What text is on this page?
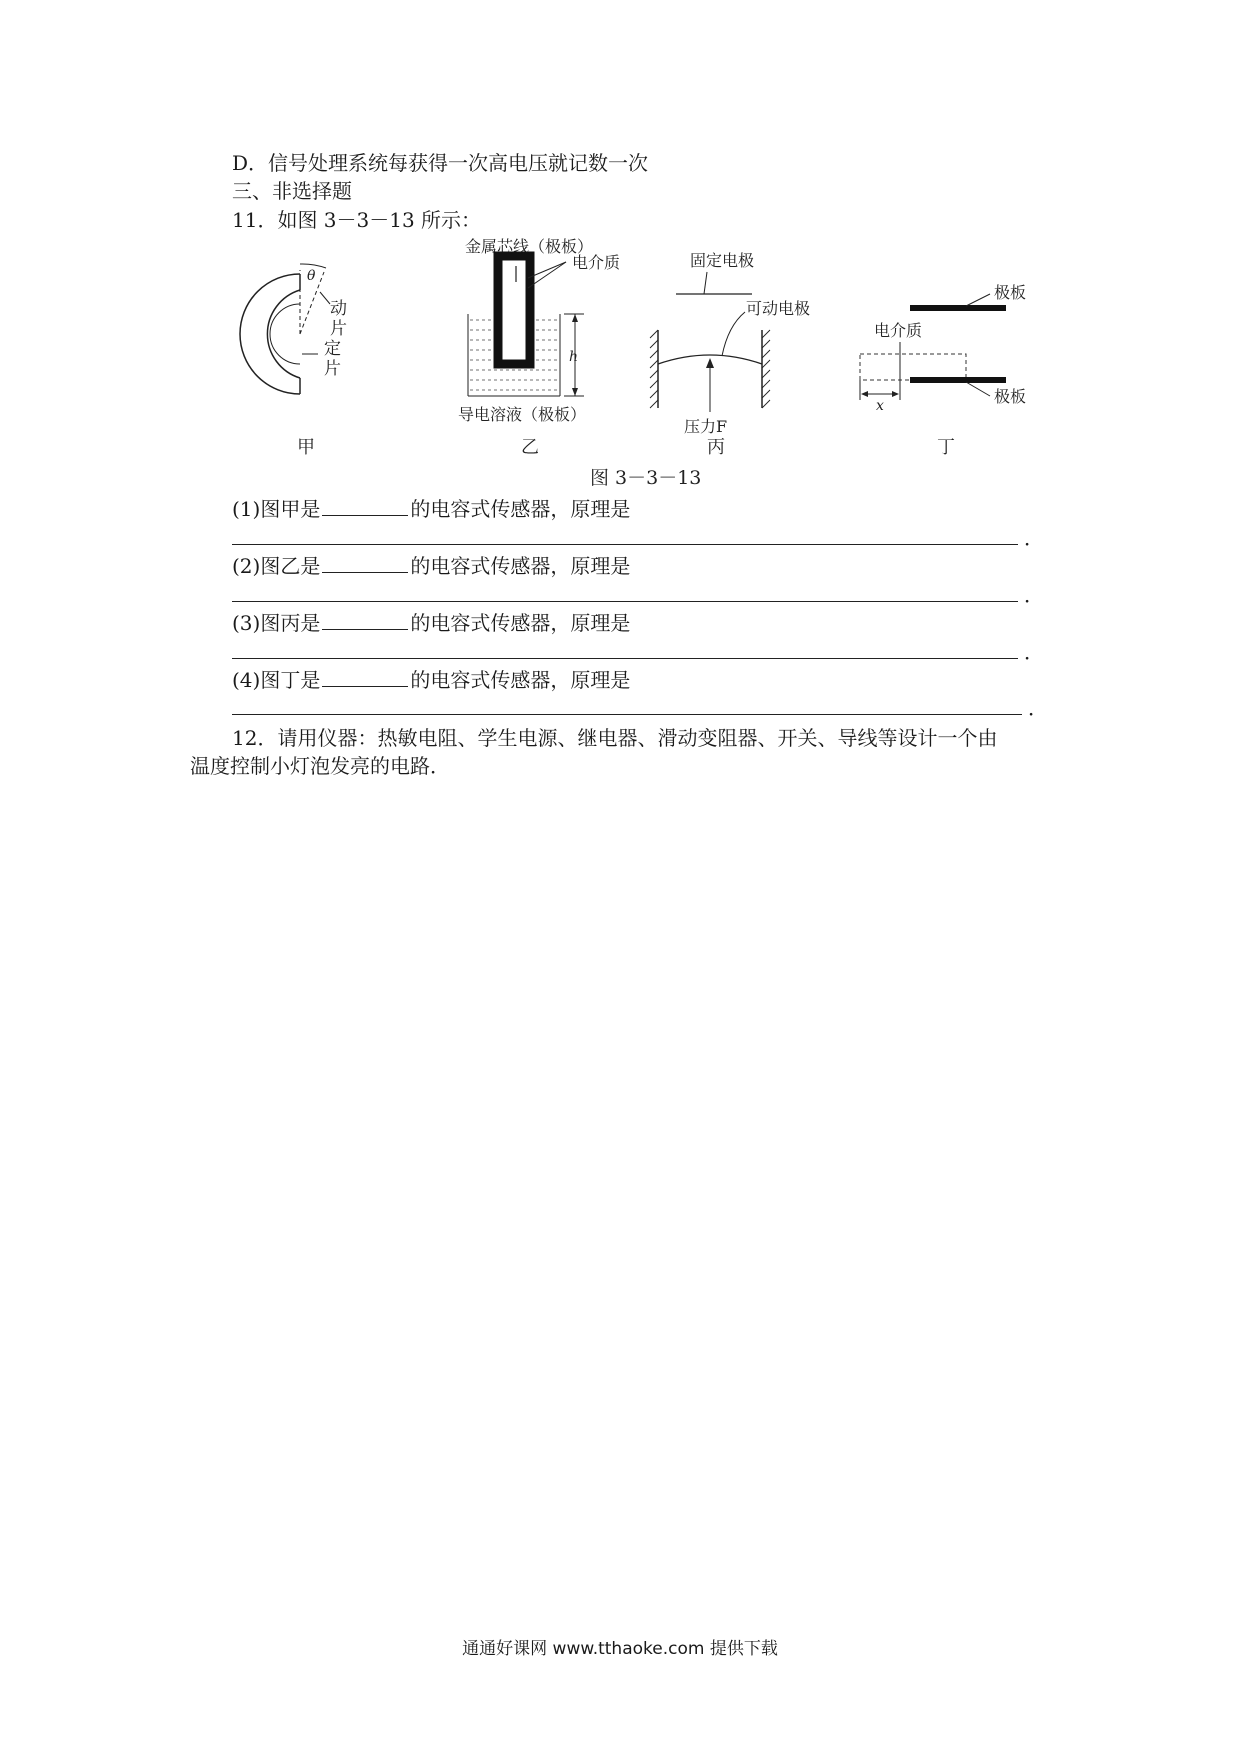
D．信号处理系统每获得一次高电压就记数一次
三、非选择题
11．如图 3－3－13 所示：
θ
动
片
定
片
金属芯线（极板）
电介质
h
导电溶液（极板）
固定电极
可动电极
压力F
极板
电介质
极板
x
甲	乙	丙	丁
图 3－3－13
(1)图甲是	的电容式传感器，原理是
．
(2)图乙是	的电容式传感器，原理是
．
(3)图丙是	的电容式传感器，原理是
．
(4)图丁是	的电容式传感器，原理是
．
12．请用仪器：热敏电阻、学生电源、继电器、滑动变阻器、开关、导线等设计一个由
温度控制小灯泡发亮的电路．
通通好课网 www.tthaoke.com 提供下载
